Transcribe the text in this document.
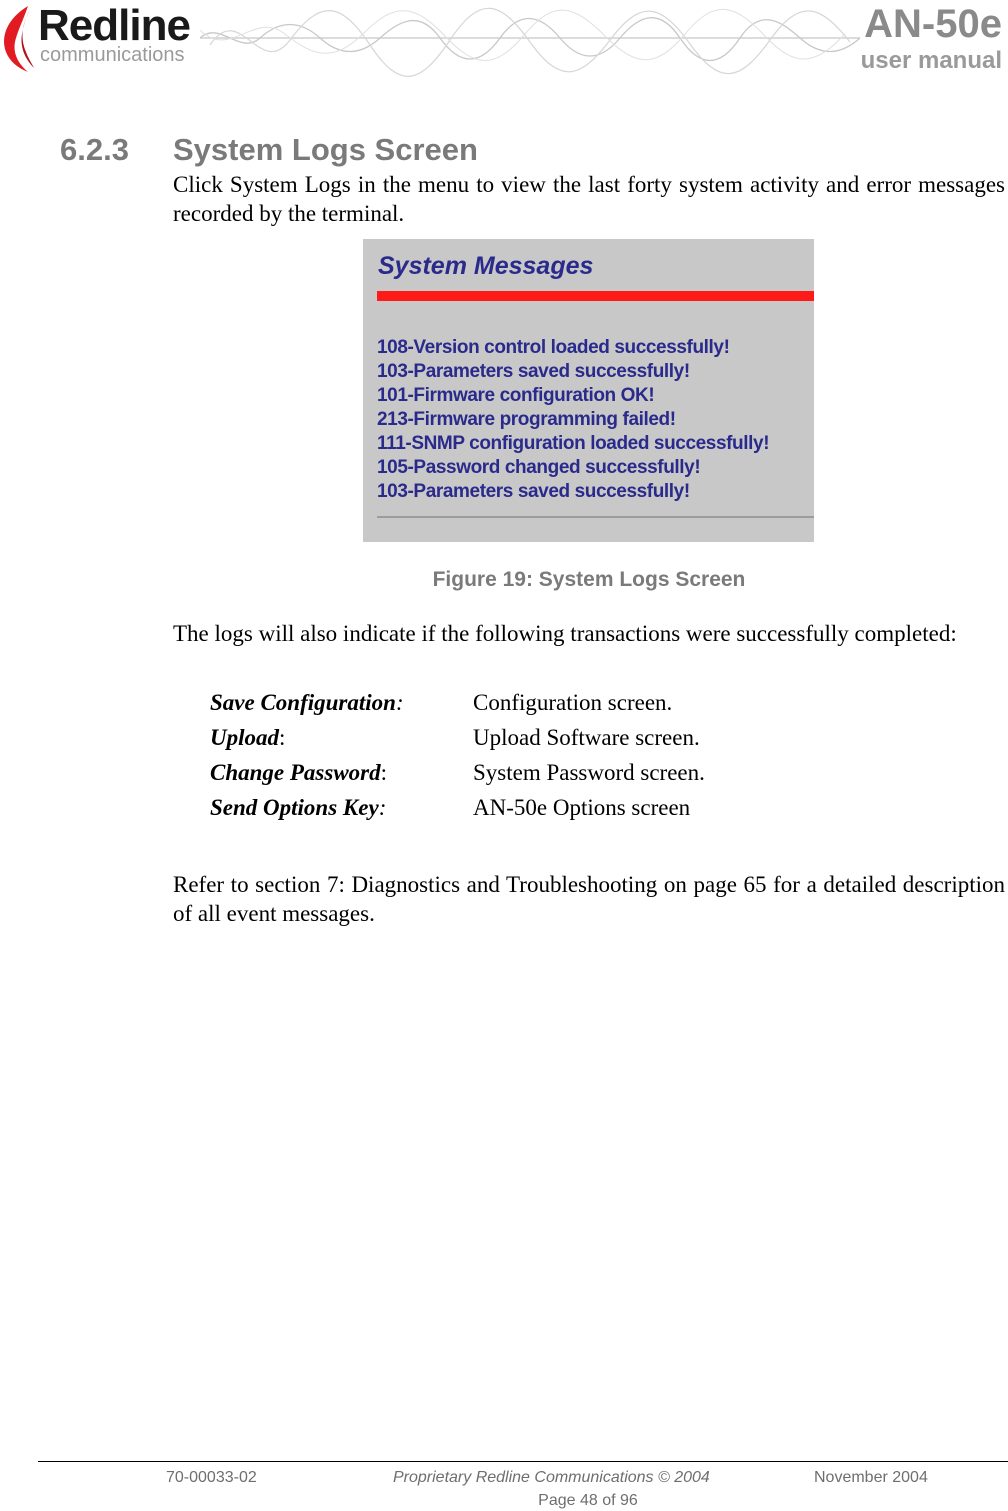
Redline
communications
AN-50e
user manual
6.2.3 System Logs Screen

Click System Logs in the menu to view the last forty system activity and error messages recorded by the terminal.

System Messages
108-Version control loaded successfully!
103-Parameters saved successfully!
101-Firmware configuration OK!
213-Firmware programming failed!
111-SNMP configuration loaded successfully!
105-Password changed successfully!
103-Parameters saved successfully!
Figure 19: System Logs Screen

The logs will also indicate if the following transactions were successfully completed:

Save Configuration:	Configuration screen.
Upload:	Upload Software screen.
Change Password:	System Password screen.
Send Options Key:	AN-50e Options screen

Refer to section 7: Diagnostics and Troubleshooting on page 65 for a detailed description of all event messages.

70-00033-02	Proprietary Redline Communications © 2004	November 2004
Page 48 of 96
